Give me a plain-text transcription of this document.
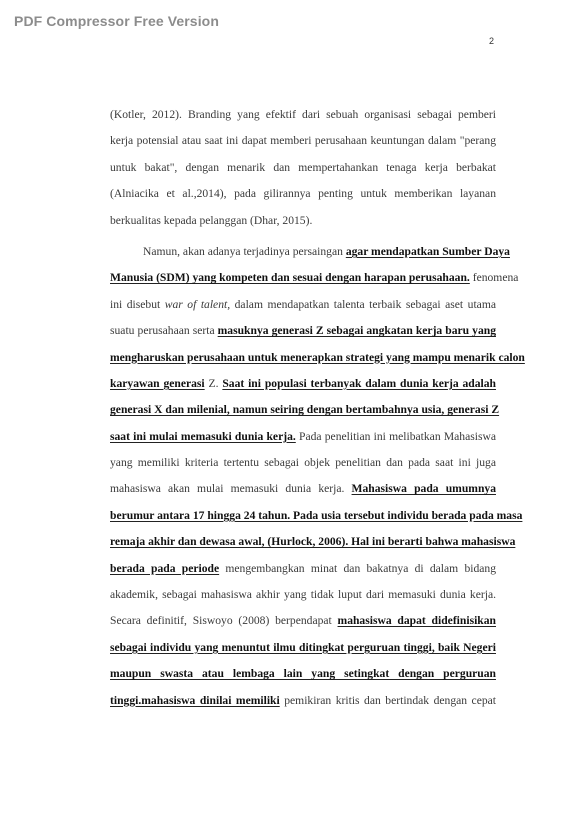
PDF Compressor Free Version
2
(Kotler, 2012). Branding yang efektif dari sebuah organisasi sebagai pemberi
kerja potensial atau saat ini dapat memberi perusahaan keuntungan dalam "perang
untuk bakat", dengan menarik dan mempertahankan tenaga kerja berbakat
(Alniacika et al.,2014), pada gilirannya penting untuk memberikan layanan
berkualitas kepada pelanggan (Dhar, 2015).
Namun, akan adanya terjadinya persaingan agar mendapatkan Sumber Daya
Manusia (SDM) yang kompeten dan sesuai dengan harapan perusahaan. fenomena
ini disebut war of talent, dalam mendapatkan talenta terbaik sebagai aset utama
suatu perusahaan serta masuknya generasi Z sebagai angkatan kerja baru yang
mengharuskan perusahaan untuk menerapkan strategi yang mampu menarik calon
karyawan generasi Z. Saat ini populasi terbanyak dalam dunia kerja adalah
generasi X dan milenial, namun seiring dengan bertambahnya usia, generasi Z
saat ini mulai memasuki dunia kerja. Pada penelitian ini melibatkan Mahasiswa
yang memiliki kriteria tertentu sebagai objek penelitian dan pada saat ini juga
mahasiswa akan mulai memasuki dunia kerja. Mahasiswa pada umumnya
berumur antara 17 hingga 24 tahun. Pada usia tersebut individu berada pada masa
remaja akhir dan dewasa awal, (Hurlock, 2006). Hal ini berarti bahwa mahasiswa
berada pada periode mengembangkan minat dan bakatnya di dalam bidang
akademik, sebagai mahasiswa akhir yang tidak luput dari memasuki dunia kerja.
Secara definitif, Siswoyo (2008) berpendapat mahasiswa dapat didefinisikan
sebagai individu yang menuntut ilmu ditingkat perguruan tinggi, baik Negeri
maupun swasta atau lembaga lain yang setingkat dengan perguruan
tinggi.mahasiswa dinilai memiliki pemikiran kritis dan bertindak dengan cepat
